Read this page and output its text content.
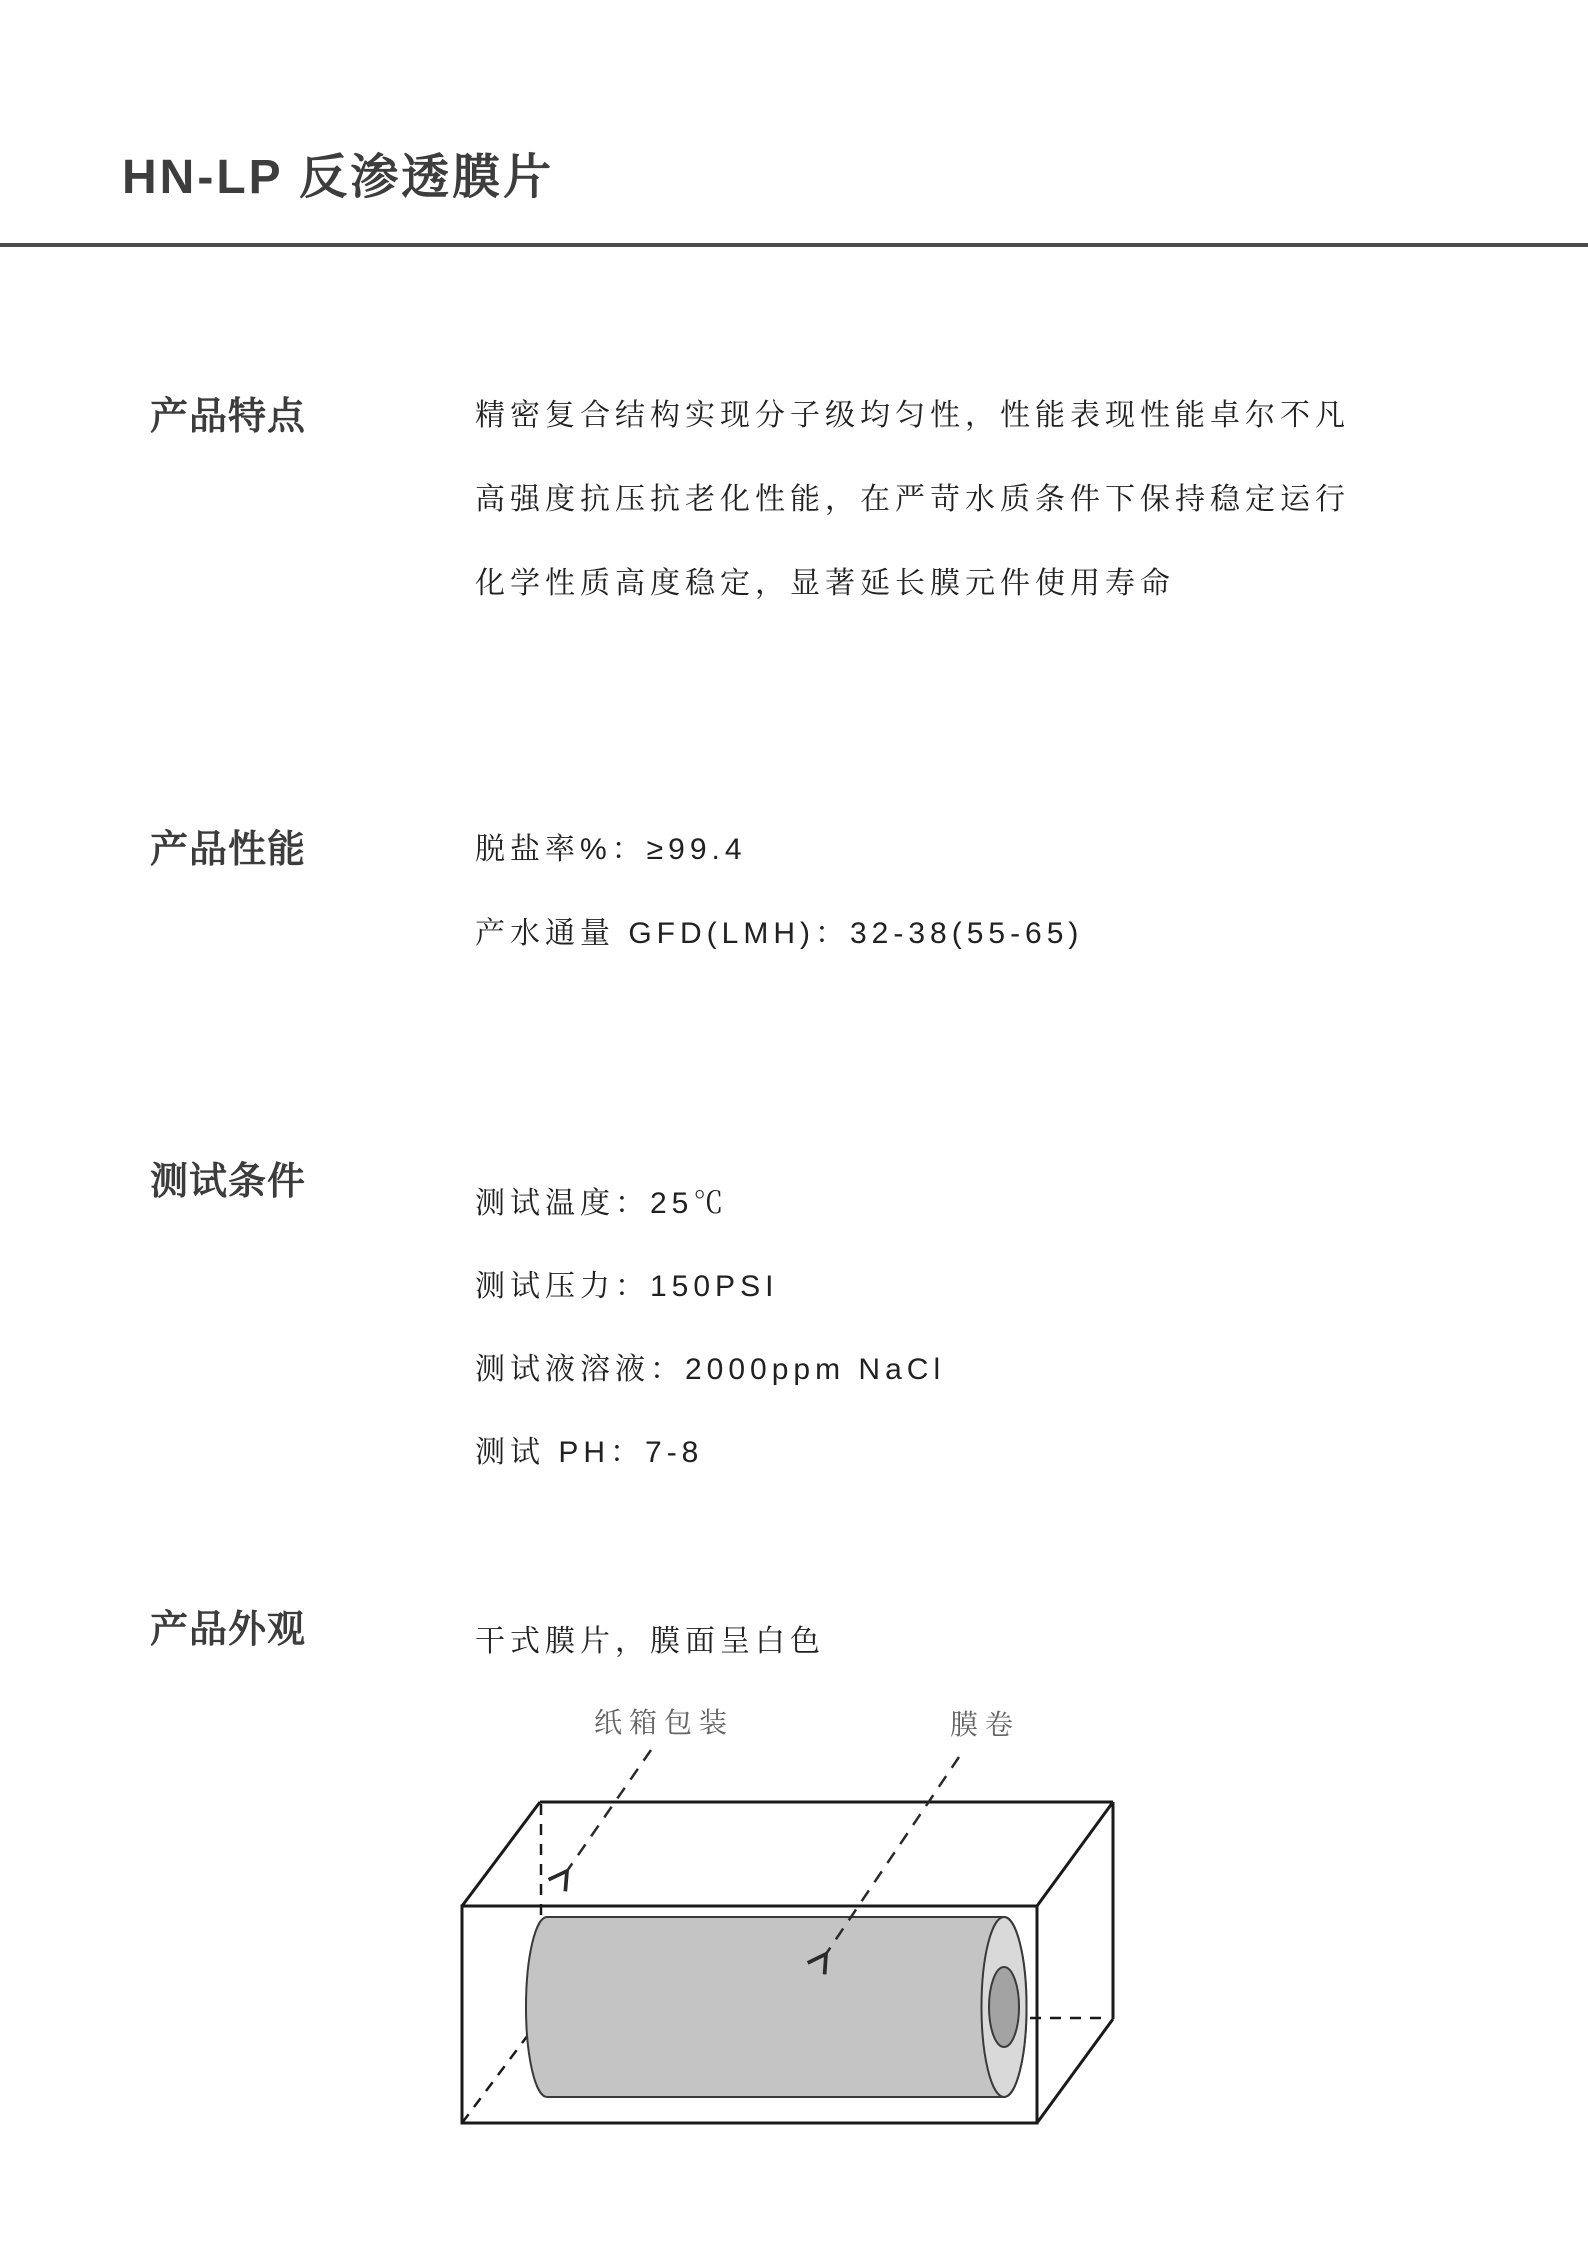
HN-LP 反渗透膜片
产品特点	精密复合结构实现分子级均匀性，性能表现性能卓尔不凡
高强度抗压抗老化性能，在严苛水质条件下保持稳定运行
化学性质高度稳定，显著延长膜元件使用寿命
产品性能	脱盐率%：≥99.4
产水通量 GFD(LMH)：32-38(55-65)
测试条件
测试温度：25℃
测试压力：150PSI
测试液溶液：2000ppm NaCl
测试 PH：7-8
产品外观	干式膜片，膜面呈白色
纸箱包装	膜卷
